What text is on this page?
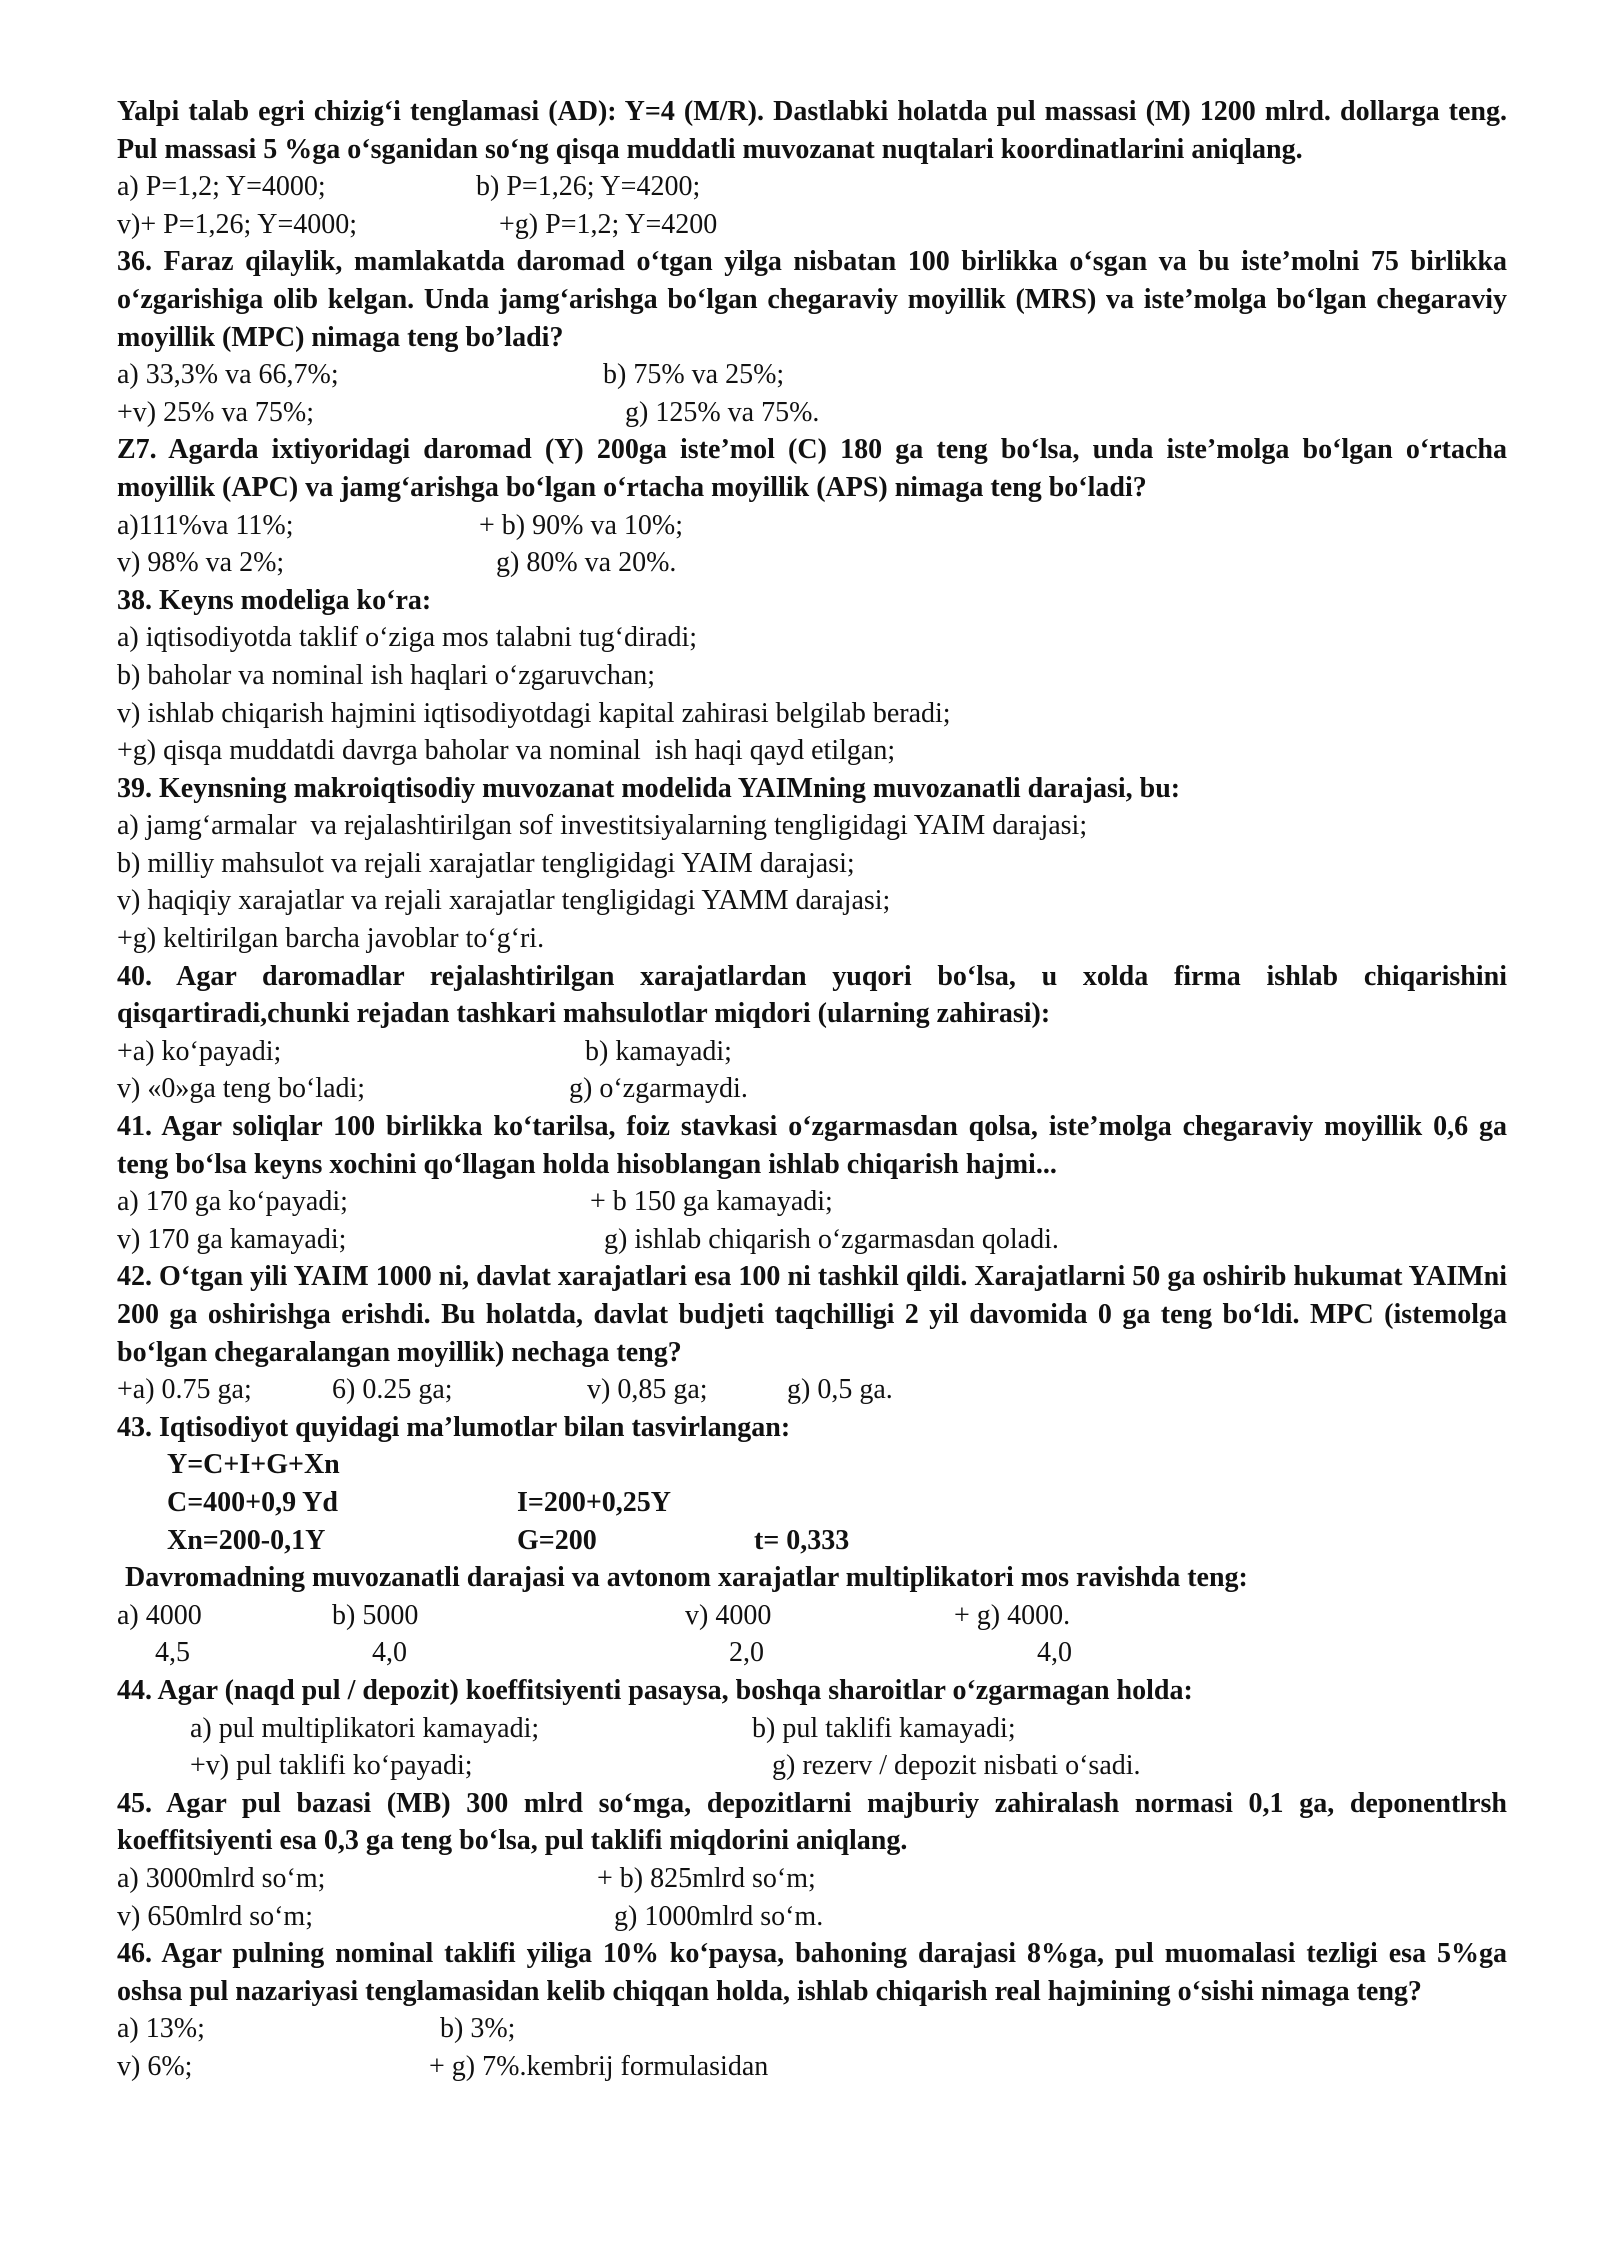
Yalpi talab egri chizig‘i tenglamasi (AD): Y=4 (M/R). Dastlabki holatda pul massasi (M) 1200 mlrd. dollarga teng. Pul massasi 5 %ga o‘sganidan so‘ng qisqa muddatli muvozanat nuqtalari koordinatlarini aniqlang.
a) P=1,2; Y=4000;	b) P=1,26; Y=4200;
v)+ P=1,26; Y=4000;	+g) P=1,2; Y=4200
36. Faraz qilaylik, mamlakatda daromad o‘tgan yilga nisbatan 100 birlikka o‘sgan va bu iste’molni 75 birlikka o‘zgarishiga olib kelgan. Unda jamg‘arishga bo‘lgan chegaraviy moyillik (MRS) va iste’molga bo‘lgan chegaraviy moyillik (MPC) nimaga teng bo’ladi?
a) 33,3% va 66,7%;	b) 75% va 25%;
+v) 25% va 75%;	g) 125% va 75%.
Z7. Agarda ixtiyoridagi daromad (Y) 200ga iste’mol (C) 180 ga teng bo‘lsa, unda iste’molga bo‘lgan o‘rtacha moyillik (APC) va jamg‘arishga bo‘lgan o‘rtacha moyillik (APS) nimaga teng bo‘ladi?
a)111%va 11%;	+ b) 90% va 10%;
v) 98% va 2%;	g) 80% va 20%.
38. Keyns modeliga ko‘ra:
a) iqtisodiyotda taklif o‘ziga mos talabni tug‘diradi;
b) baholar va nominal ish haqlari o‘zgaruvchan;
v) ishlab chiqarish hajmini iqtisodiyotdagi kapital zahirasi belgilab beradi;
+g) qisqa muddatdi davrga baholar va nominal  ish haqi qayd etilgan;
39. Keynsning makroiqtisodiy muvozanat modelida YAIMning muvozanatli darajasi, bu:
a) jamg‘armalar  va rejalashtirilgan sof investitsiyalarning tengligidagi YAIM darajasi;
b) milliy mahsulot va rejali xarajatlar tengligidagi YAIM darajasi;
v) haqiqiy xarajatlar va rejali xarajatlar tengligidagi YAMM darajasi;
+g) keltirilgan barcha javoblar to‘g‘ri.
40. Agar daromadlar rejalashtirilgan xarajatlardan yuqori bo‘lsa, u xolda firma ishlab chiqarishini qisqartiradi,chunki rejadan tashkari mahsulotlar miqdori (ularning zahirasi):
+a) ko‘payadi;	b) kamayadi;
v) «0»ga teng bo‘ladi;	g) o‘zgarmaydi.
41. Agar soliqlar 100 birlikka ko‘tarilsa, foiz stavkasi o‘zgarmasdan qolsa, iste’molga chegaraviy moyillik 0,6 ga teng bo‘lsa keyns xochini qo‘llagan holda hisoblangan ishlab chiqarish hajmi...
a) 170 ga ko‘payadi;	+ b 150 ga kamayadi;
v) 170 ga kamayadi;	g) ishlab chiqarish o‘zgarmasdan qoladi.
42. O‘tgan yili YAIM 1000 ni, davlat xarajatlari esa 100 ni tashkil qildi. Xarajatlarni 50 ga oshirib hukumat YAIMni 200 ga oshirishga erishdi. Bu holatda, davlat budjeti taqchilligi 2 yil davomida 0 ga teng bo‘ldi. MPC (istemolga bo‘lgan chegaralangan moyillik) nechaga teng?
+a) 0.75 ga;	6) 0.25 ga;	v) 0,85 ga;	g) 0,5 ga.
43. Iqtisodiyot quyidagi ma’lumotlar bilan tasvirlangan:
Y=C+I+G+Xn
C=400+0,9 Yd	I=200+0,25Y
Xn=200-0,1Y	G=200	t= 0,333
Davromadning muvozanatli darajasi va avtonom xarajatlar multiplikatori mos ravishda teng:
a) 4000	b) 5000	v) 4000	+ g) 4000.
4,5	4,0	2,0	4,0
44. Agar (naqd pul / depozit) koeffitsiyenti pasaysa, boshqa sharoitlar o‘zgarmagan holda:
a) pul multiplikatori kamayadi;	b) pul taklifi kamayadi;
+v) pul taklifi ko‘payadi;	g) rezerv / depozit nisbati o‘sadi.
45. Agar pul bazasi (MB) 300 mlrd so‘mga, depozitlarni majburiy zahiralash normasi 0,1 ga, deponentlrsh koeffitsiyenti esa 0,3 ga teng bo‘lsa, pul taklifi miqdorini aniqlang.
a) 3000mlrd so‘m;	+ b) 825mlrd so‘m;
v) 650mlrd so‘m;	g) 1000mlrd so‘m.
46. Agar pulning nominal taklifi yiliga 10% ko‘paysa, bahoning darajasi 8%ga, pul muomalasi tezligi esa 5%ga oshsa pul nazariyasi tenglamasidan kelib chiqqan holda, ishlab chiqarish real hajmining o‘sishi nimaga teng?
a) 13%;	b) 3%;
v) 6%;	+ g) 7%.kembrij formulasidan
